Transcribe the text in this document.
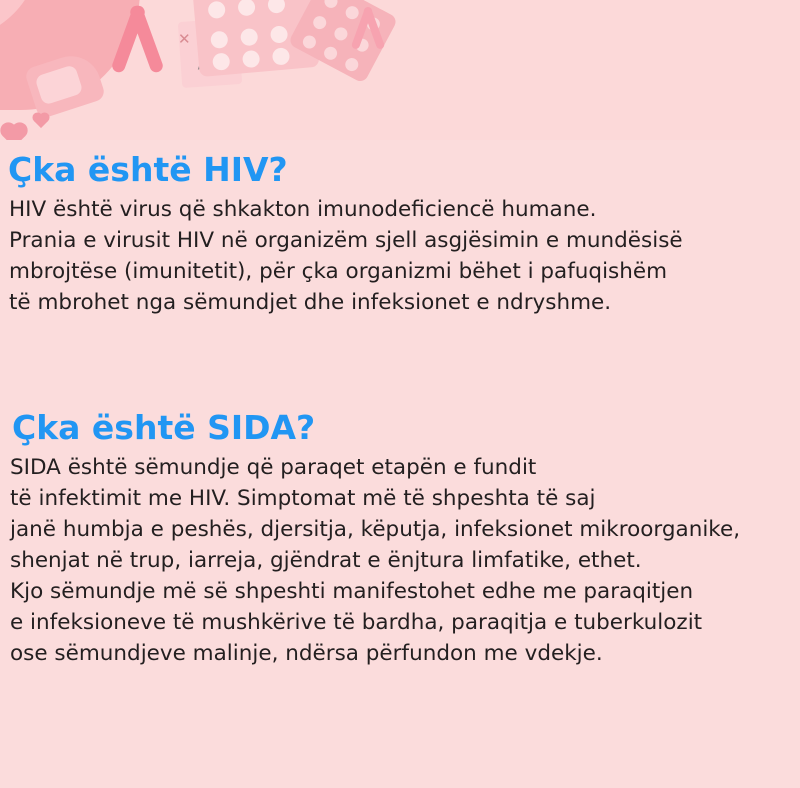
✕
Çka është HIV?
HIV është virus që shkakton imunodeficiencë humane.
Prania e virusit HIV në organizëm sjell asgjësimin e mundësisë
mbrojtëse (imunitetit), për çka organizmi bëhet i pafuqishëm
të mbrohet nga sëmundjet dhe infeksionet e ndryshme.
Çka është SIDA?
SIDA është sëmundje që paraqet etapën e fundit
të infektimit me HIV. Simptomat më të shpeshta të saj
janë humbja e peshës, djersitja, këputja, infeksionet mikroorganike,
shenjat në trup, iarreja, gjëndrat e ënjtura limfatike, ethet.
Kjo sëmundje më së shpeshti manifestohet edhe me paraqitjen
e infeksioneve të mushkërive të bardha, paraqitja e tuberkulozit
ose sëmundjeve malinje, ndërsa përfundon me vdekje.
